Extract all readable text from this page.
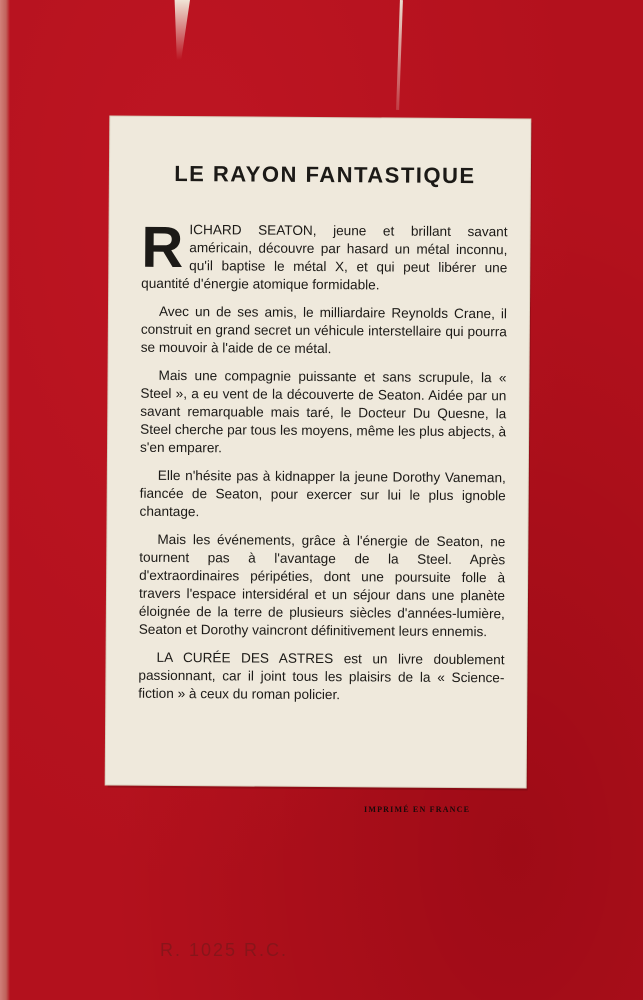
LE RAYON FANTASTIQUE

RICHARD SEATON, jeune et brillant savant américain, découvre par hasard un métal inconnu, qu'il baptise le métal X, et qui peut libérer une quantité d'énergie atomique formidable.

Avec un de ses amis, le milliardaire Reynolds Crane, il construit en grand secret un véhicule interstellaire qui pourra se mouvoir à l'aide de ce métal.

Mais une compagnie puissante et sans scrupule, la « Steel », a eu vent de la découverte de Seaton. Aidée par un savant remarquable mais taré, le Docteur Du Quesne, la Steel cherche par tous les moyens, même les plus abjects, à s'en emparer.

Elle n'hésite pas à kidnapper la jeune Dorothy Vaneman, fiancée de Seaton, pour exercer sur lui le plus ignoble chantage.

Mais les événements, grâce à l'énergie de Seaton, ne tournent pas à l'avantage de la Steel. Après d'extraordinaires péripéties, dont une poursuite folle à travers l'espace intersidéral et un séjour dans une planète éloignée de la terre de plusieurs siècles d'années-lumière, Seaton et Dorothy vaincront définitivement leurs ennemis.

LA CURÉE DES ASTRES est un livre doublement passionnant, car il joint tous les plaisirs de la « Science-fiction » à ceux du roman policier.

IMPRIMÉ EN FRANCE
R. 1025 R.C.
